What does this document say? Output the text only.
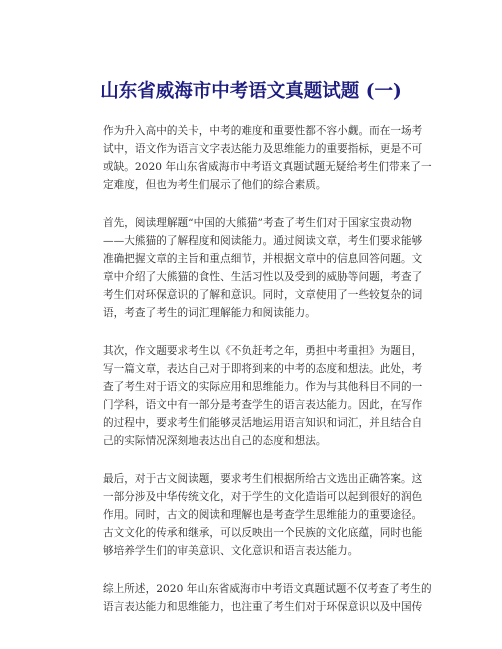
山东省威海市中考语文真题试题 (一)

作为升入高中的关卡，中考的难度和重要性都不容小觑。而在一场考
试中，语文作为语言文字表达能力及思维能力的重要指标，更是不可
或缺。2020 年山东省威海市中考语文真题试题无疑给考生们带来了一
定难度，但也为考生们展示了他们的综合素质。

首先，阅读理解题“中国的大熊猫”考查了考生们对于国家宝贵动物
——大熊猫的了解程度和阅读能力。通过阅读文章，考生们要求能够
准确把握文章的主旨和重点细节，并根据文章中的信息回答问题。文
章中介绍了大熊猫的食性、生活习性以及受到的威胁等问题，考查了
考生们对环保意识的了解和意识。同时，文章使用了一些较复杂的词
语，考查了考生的词汇理解能力和阅读能力。

其次，作文题要求考生以《不负赶考之年，勇担中考重担》为题目，
写一篇文章，表达自己对于即将到来的中考的态度和想法。此处，考
查了考生对于语文的实际应用和思维能力。作为与其他科目不同的一
门学科，语文中有一部分是考查学生的语言表达能力。因此，在写作
的过程中，要求考生们能够灵活地运用语言知识和词汇，并且结合自
己的实际情况深刻地表达出自己的态度和想法。

最后，对于古文阅读题，要求考生们根据所给古文选出正确答案。这
一部分涉及中华传统文化，对于学生的文化造诣可以起到很好的润色
作用。同时，古文的阅读和理解也是考查学生思维能力的重要途径。
古文文化的传承和继承，可以反映出一个民族的文化底蕴，同时也能
够培养学生们的审美意识、文化意识和语言表达能力。

综上所述，2020 年山东省威海市中考语文真题试题不仅考查了考生的
语言表达能力和思维能力，也注重了考生们对于环保意识以及中国传
